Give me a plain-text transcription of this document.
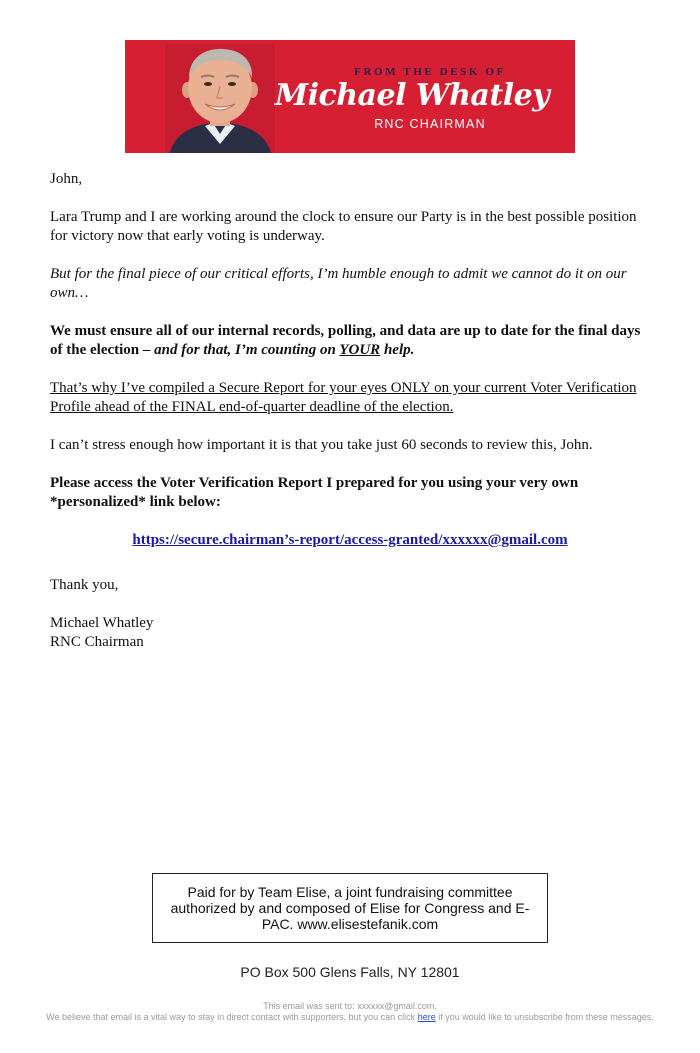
FROM THE DESK OF
Michael Whatley
RNC CHAIRMAN

John,

Lara Trump and I are working around the clock to ensure our Party is in the best possible position for victory now that early voting is underway.

But for the final piece of our critical efforts, I’m humble enough to admit we cannot do it on our own…

We must ensure all of our internal records, polling, and data are up to date for the final days of the election – and for that, I’m counting on YOUR help.

That’s why I’ve compiled a Secure Report for your eyes ONLY on your current Voter Verification Profile ahead of the FINAL end-of-quarter deadline of the election.

I can’t stress enough how important it is that you take just 60 seconds to review this, John.

Please access the Voter Verification Report I prepared for you using your very own *personalized* link below:

https://secure.chairman’s-report/access-granted/xxxxxx@gmail.com

Thank you,

Michael Whatley

RNC Chairman

Paid for by Team Elise, a joint fundraising committee authorized by and composed of Elise for Congress and E-PAC. www.elisestefanik.com
PO Box 500 Glens Falls, NY 12801
This email was sent to: xxxxxx@gmail.com.
We believe that email is a vital way to stay in direct contact with supporters, but you can click here if you would like to unsubscribe from these messages.
